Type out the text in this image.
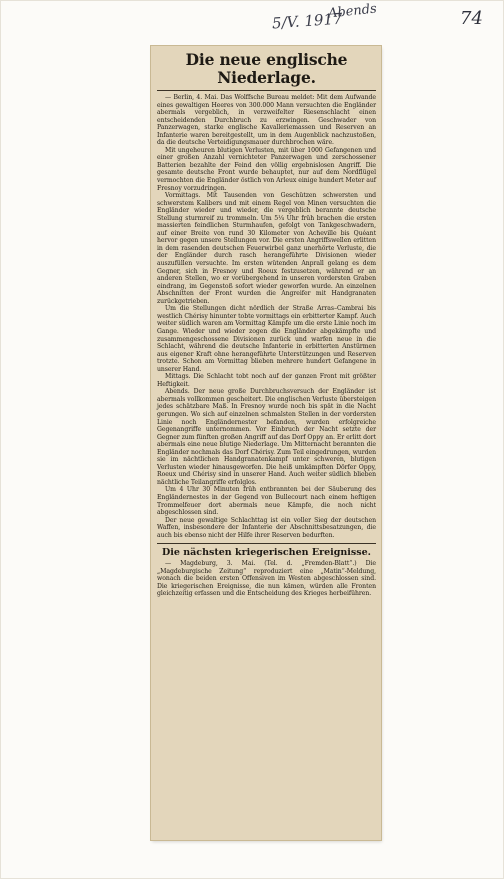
5/V. 1917
Abends	74
Die neue englische Niederlage.

— Berlin, 4. Mai. Das Wolffsche Bureau meldet: Mit dem Aufwande eines gewaltigen Heeres von 300.000 Mann versuchten die Engländer abermals vergeblich, in verzweifelter Riesenschlacht einen entscheidenden Durchbruch zu erzwingen. Geschwader von Panzerwagen, starke englische Kavalleriemassen und Reserven an Infanterie waren bereitgestellt, um in dem Augenblick nachzustoßen, da die deutsche Verteidigungsmauer durchbrochen wäre.

Mit ungeheuren blutigen Verlusten, mit über 1000 Gefangenen und einer großen Anzahl vernichteter Panzerwagen und zerschossener Batterien bezahlte der Feind den völlig ergebnislosen Angriff. Die gesamte deutsche Front wurde behauptet, nur auf dem Nordflügel vermochten die Engländer östlich von Arleux einige hundert Meter auf Fresnoy vorzudringen.

Vormittags. Mit Tausenden von Geschützen schwersten und schwerstem Kalibers und mit einem Regel von Minen versuchten die Engländer wieder und wieder, die vergeblich berannte deutsche Stellung sturmreif zu trommeln. Um 5¼ Uhr früh brachen die ersten massierten feindlichen Sturmhaufen, gefolgt von Tankgeschwadern, auf einer Breite von rund 30 Kilometer von Acheville bis Quéant hervor gegen unsere Stellungen vor. Die ersten Angriffswellen erlitten in dem rasenden deutschen Feuerwirbel ganz unerhörte Verluste, die der Engländer durch rasch herangeführte Divisionen wieder auszufüllen versuchte. Im ersten wütenden Anprall gelang es dem Gegner, sich in Fresnoy und Roeux festzusetzen, während er an anderen Stellen, wo er vorübergehend in unseren vordersten Graben eindrang, im Gegenstoß sofort wieder geworfen wurde. An einzelnen Abschnitten der Front wurden die Angreifer mit Handgranaten zurückgetrieben.

Um die Stellungen dicht nördlich der Straße Arras–Cambrai bis westlich Chérisy hinunter tobte vormittags ein erbitterter Kampf. Auch weiter südlich waren am Vormittag Kämpfe um die erste Linie noch im Gange. Wieder und wieder zogen die Engländer abgekämpfte und zusammengeschossene Divisionen zurück und warfen neue in die Schlacht, während die deutsche Infanterie in erbitterten Anstürmen aus eigener Kraft ohne herangeführte Unterstützungen und Reserven trotzte. Schon am Vormittag blieben mehrere hundert Gefangene in unserer Hand.

Mittags. Die Schlacht tobt noch auf der ganzen Front mit größter Heftigkeit.

Abends. Der neue große Durchbruchsversuch der Engländer ist abermals vollkommen gescheitert. Die englischen Verluste übersteigen jedes schätzbare Maß. In Fresnoy wurde noch bis spät in die Nacht gerungen. Wo sich auf einzelnen schmalsten Stellen in der vordersten Linie noch Engländernester befanden, wurden erfolgreiche Gegenangriffe unternommen. Vor Einbruch der Nacht setzte der Gegner zum fünften großen Angriff auf das Dorf Oppy an. Er erlitt dort abermals eine neue blutige Niederlage. Um Mitternacht berannten die Engländer nochmals das Dorf Chérisy. Zum Teil eingedrungen, wurden sie im nächtlichen Handgranatenkampf unter schweren, blutigen Verlusten wieder hinausgeworfen. Die heiß umkämpften Dörfer Oppy, Roeux und Chérisy sind in unserer Hand. Auch weiter südlich blieben nächtliche Teilangriffe erfolglos.

Um 4 Uhr 30 Minuten früh entbrannten bei der Säuberung des Engländernestes in der Gegend von Bullecourt nach einem heftigen Trommelfeuer dort abermals neue Kämpfe, die noch nicht abgeschlossen sind.

Der neue gewaltige Schlachttag ist ein voller Sieg der deutschen Waffen, insbesondere der Infanterie der Abschnittsbesatzungen, die auch bis ebenso nicht der Hilfe ihrer Reserven bedurften.

Die nächsten kriegerischen Ereignisse.

— Magdeburg, 3. Mai. (Tel. d. „Fremden-Blatt“.) Die „Magdeburgische Zeitung“ reproduziert eine „Matin“-Meldung, wonach die beiden ersten Offensiven im Westen abgeschlossen sind. Die kriegerischen Ereignisse, die nun kämen, würden alle Fronten gleichzeitig erfassen und die Entscheidung des Krieges herbeiführen.
